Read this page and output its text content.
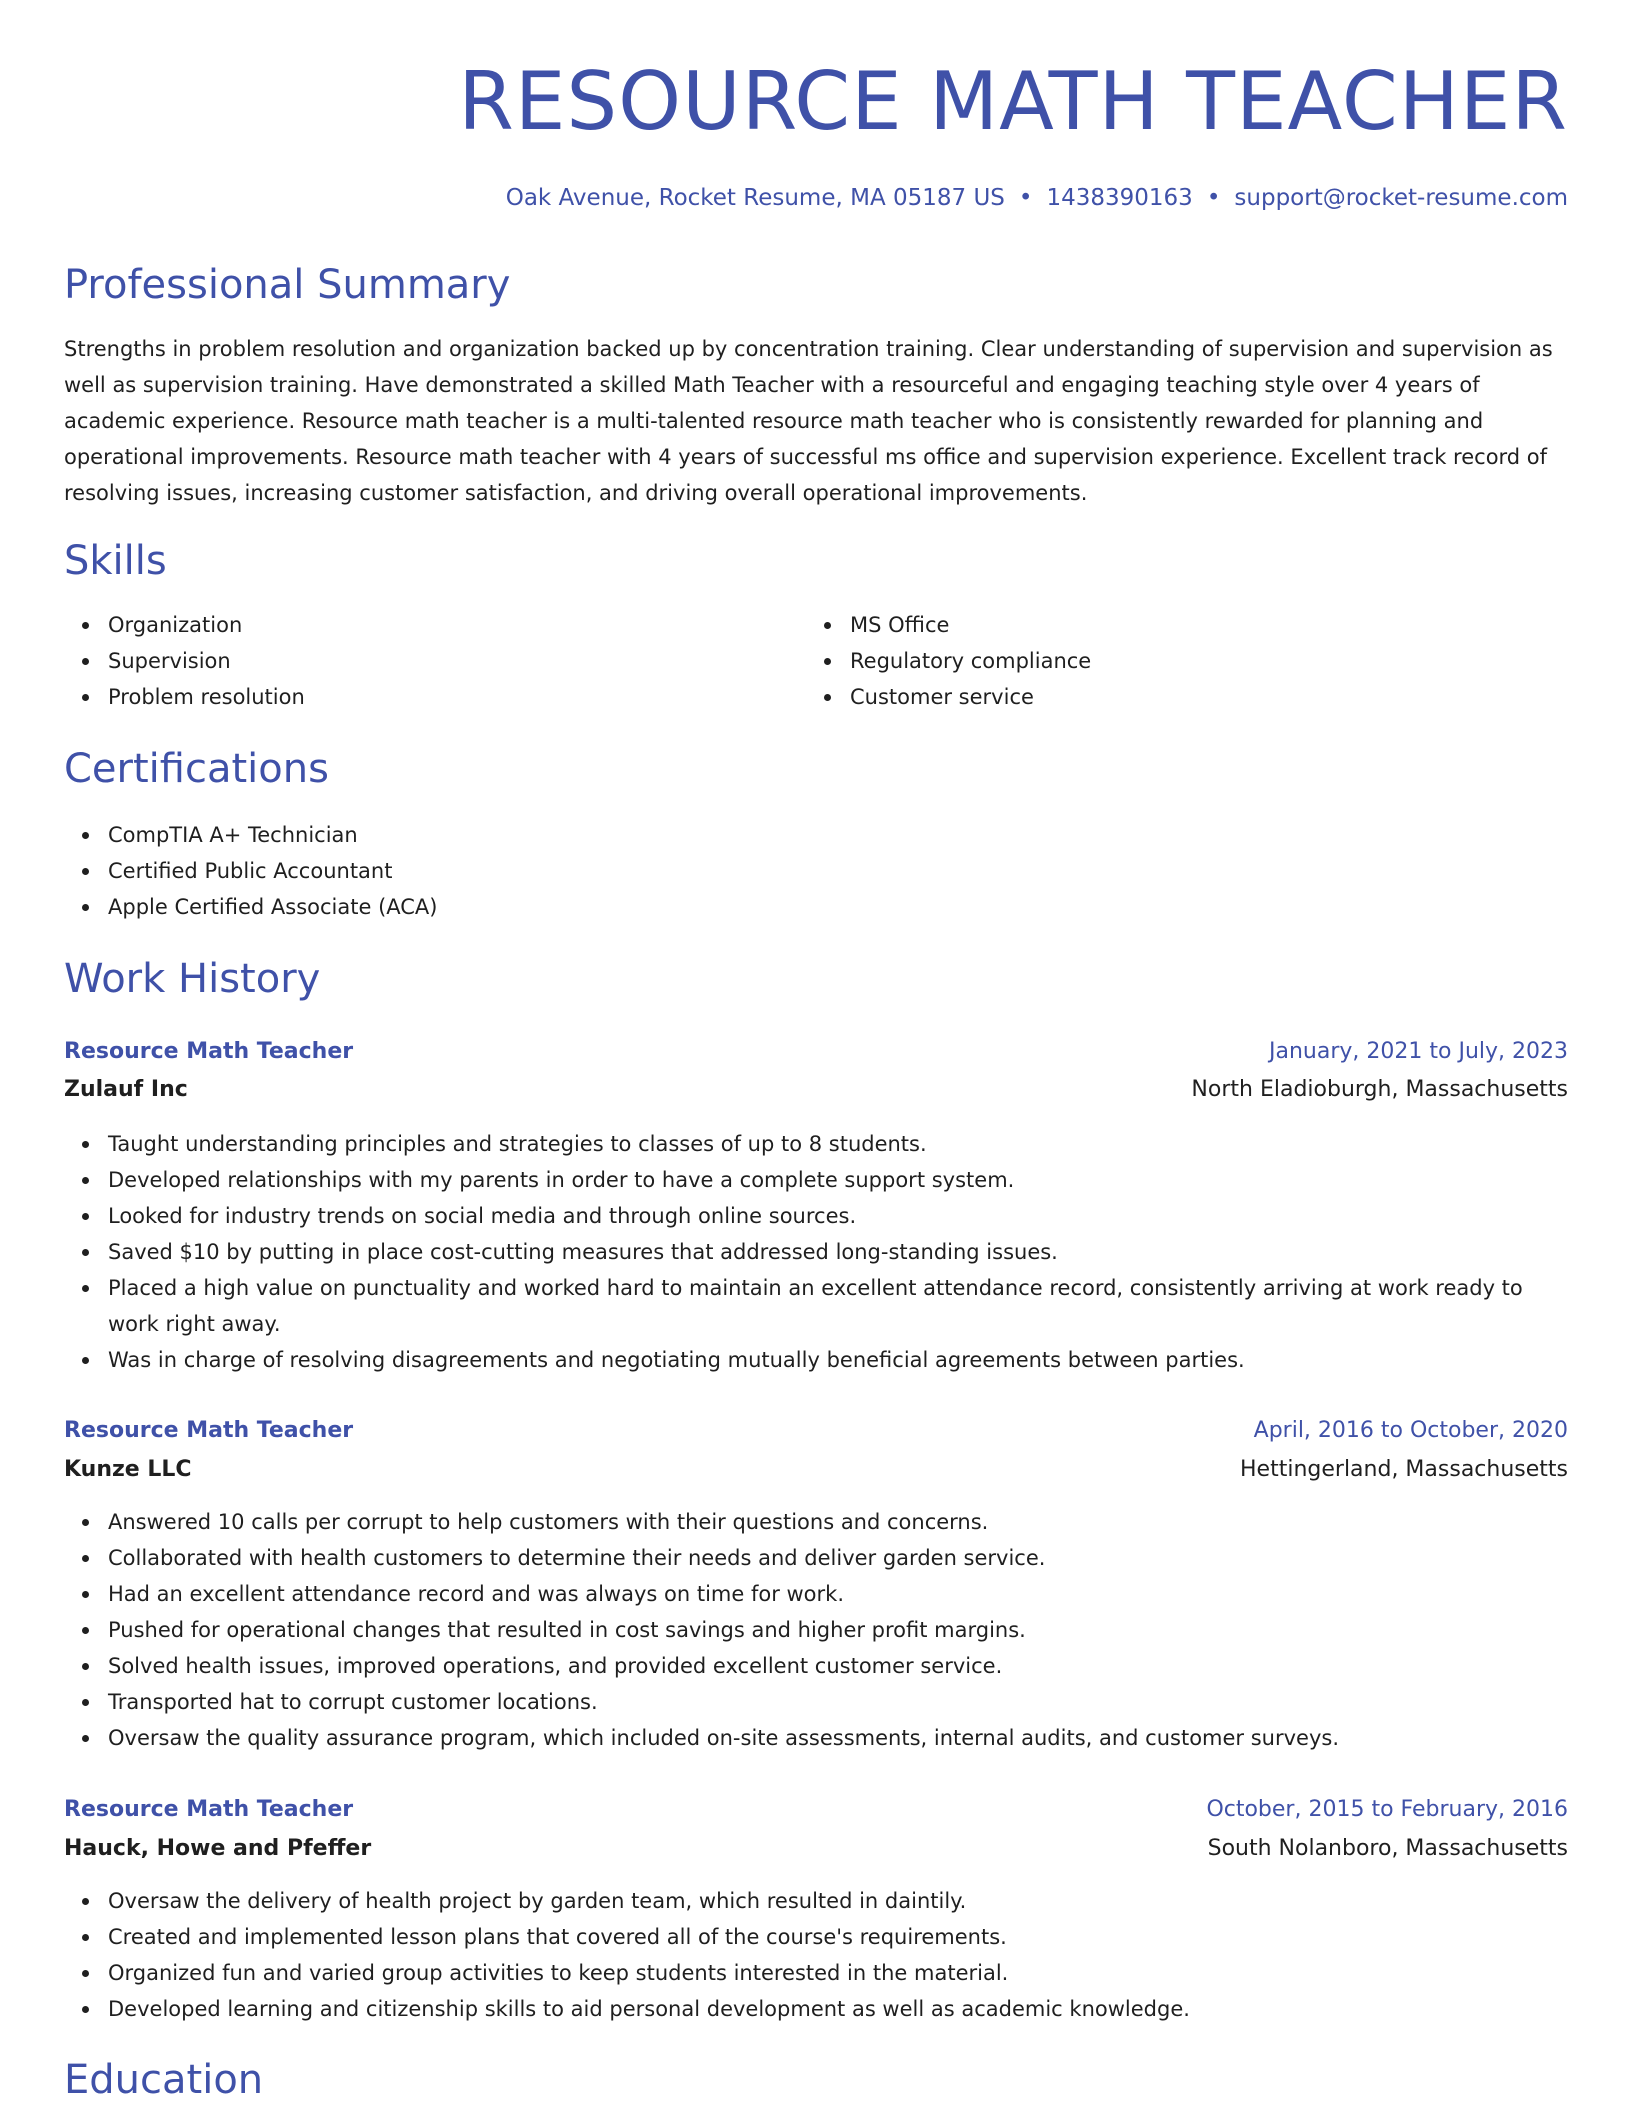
RESOURCE MATH TEACHER
Oak Avenue, Rocket Resume, MA 05187 US • 1438390163 • support@rocket-resume.com
Professional Summary
Strengths in problem resolution and organization backed up by concentration training. Clear understanding of supervision and supervision as well as supervision training. Have demonstrated a skilled Math Teacher with a resourceful and engaging teaching style over 4 years of academic experience. Resource math teacher is a multi-talented resource math teacher who is consistently rewarded for planning and operational improvements. Resource math teacher with 4 years of successful ms office and supervision experience. Excellent track record of resolving issues, increasing customer satisfaction, and driving overall operational improvements.
Skills
Organization
Supervision
Problem resolution
MS Office
Regulatory compliance
Customer service
Certifications
CompTIA A+ Technician
Certified Public Accountant
Apple Certified Associate (ACA)
Work History
Resource Math Teacher	January, 2021 to July, 2023
Zulauf Inc	North Eladioburgh, Massachusetts
Taught understanding principles and strategies to classes of up to 8 students.
Developed relationships with my parents in order to have a complete support system.
Looked for industry trends on social media and through online sources.
Saved $10 by putting in place cost-cutting measures that addressed long-standing issues.
Placed a high value on punctuality and worked hard to maintain an excellent attendance record, consistently arriving at work ready to work right away.
Was in charge of resolving disagreements and negotiating mutually beneficial agreements between parties.
Resource Math Teacher	April, 2016 to October, 2020
Kunze LLC	Hettingerland, Massachusetts
Answered 10 calls per corrupt to help customers with their questions and concerns.
Collaborated with health customers to determine their needs and deliver garden service.
Had an excellent attendance record and was always on time for work.
Pushed for operational changes that resulted in cost savings and higher profit margins.
Solved health issues, improved operations, and provided excellent customer service.
Transported hat to corrupt customer locations.
Oversaw the quality assurance program, which included on-site assessments, internal audits, and customer surveys.
Resource Math Teacher	October, 2015 to February, 2016
Hauck, Howe and Pfeffer	South Nolanboro, Massachusetts
Oversaw the delivery of health project by garden team, which resulted in daintily.
Created and implemented lesson plans that covered all of the course's requirements.
Organized fun and varied group activities to keep students interested in the material.
Developed learning and citizenship skills to aid personal development as well as academic knowledge.
Education
